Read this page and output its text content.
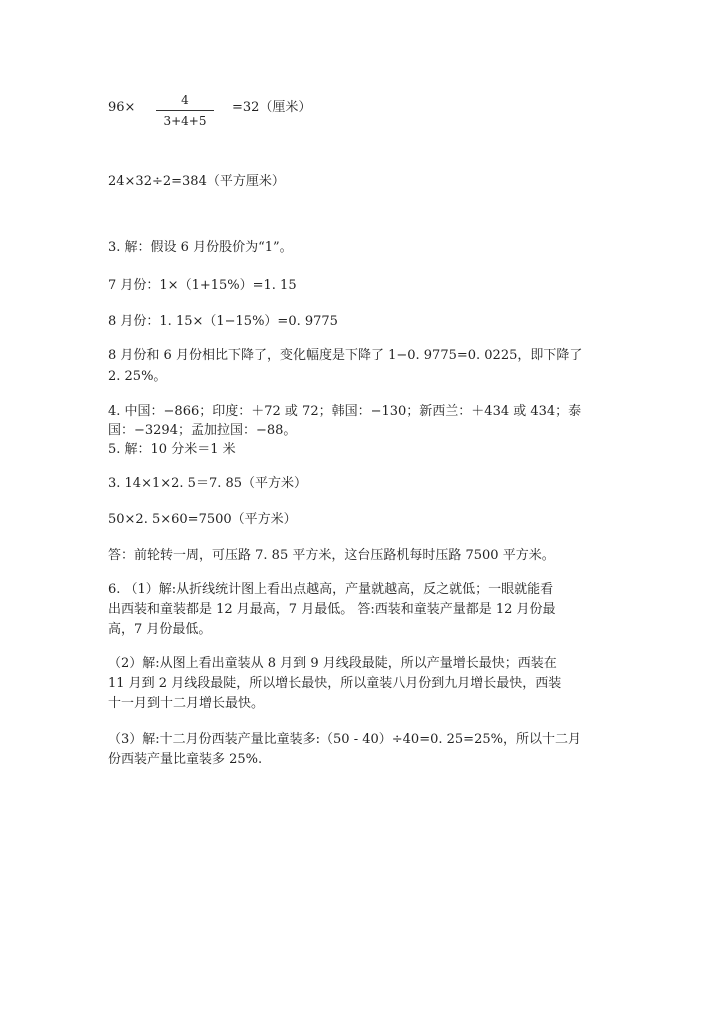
96×	4
3+4+5
=32（厘米）
24×32÷2=384（平方厘米）
3. 解：假设 6 月份股价为“1”。
7 月份：1×（1+15%）=1. 15
8 月份：1. 15×（1−15%）=0. 9775
8 月份和 6 月份相比下降了，变化幅度是下降了 1−0. 9775=0. 0225，即下降了
2. 25%。
4. 中国：−866；印度：＋72 或 72；韩国：−130；新西兰：＋434 或 434；泰
国：−3294；孟加拉国：−88。
5. 解：10 分米＝1 米
3. 14×1×2. 5＝7. 85（平方米）
50×2. 5×60=7500（平方米）
答：前轮转一周，可压路 7. 85 平方米，这台压路机每时压路 7500 平方米。
6. （1）解:从折线统计图上看出点越高，产量就越高，反之就低；一眼就能看
出西装和童装都是 12 月最高，7 月最低。 答:西装和童装产量都是 12 月份最
高，7 月份最低。
（2）解:从图上看出童装从 8 月到 9 月线段最陡，所以产量增长最快；西装在
11 月到 2 月线段最陡，所以增长最快，所以童装八月份到九月增长最快，西装
十一月到十二月增长最快。
（3）解:十二月份西装产量比童装多:（50 - 40）÷40=0. 25=25%，所以十二月
份西装产量比童装多 25%.
